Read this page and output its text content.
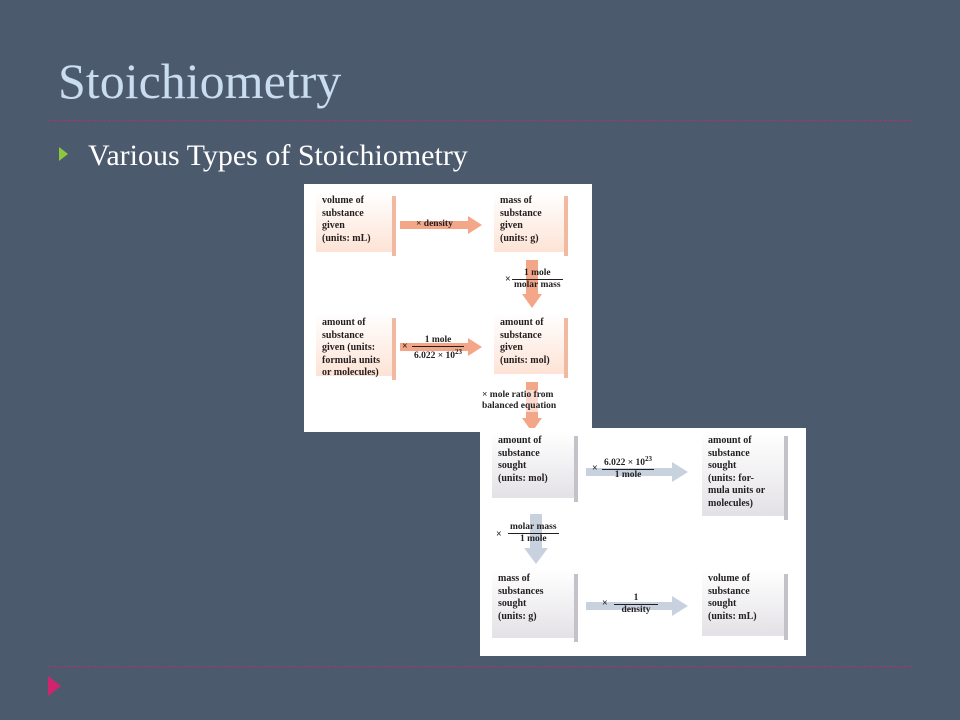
Stoichiometry
Various Types of Stoichiometry
volume of
substance
given
(units: mL)
mass of
substance
given
(units: g)
amount of
substance
given (units:
formula units
or molecules)
amount of
substance
given
(units: mol)
× density
×
1 mole
molar mass
×
1 mole
$6.022 \times 10^{23}$
× mole ratio from
balanced equation
amount of
substance
sought
(units: mol)
amount of
substance
sought
(units: for-
mula units or
molecules)
mass of
substances
sought
(units: g)
volume of
substance
sought
(units: mL)
× $6.022 \times 10^{23}$
1 mole
×
molar mass
1 mole
×	1
density
